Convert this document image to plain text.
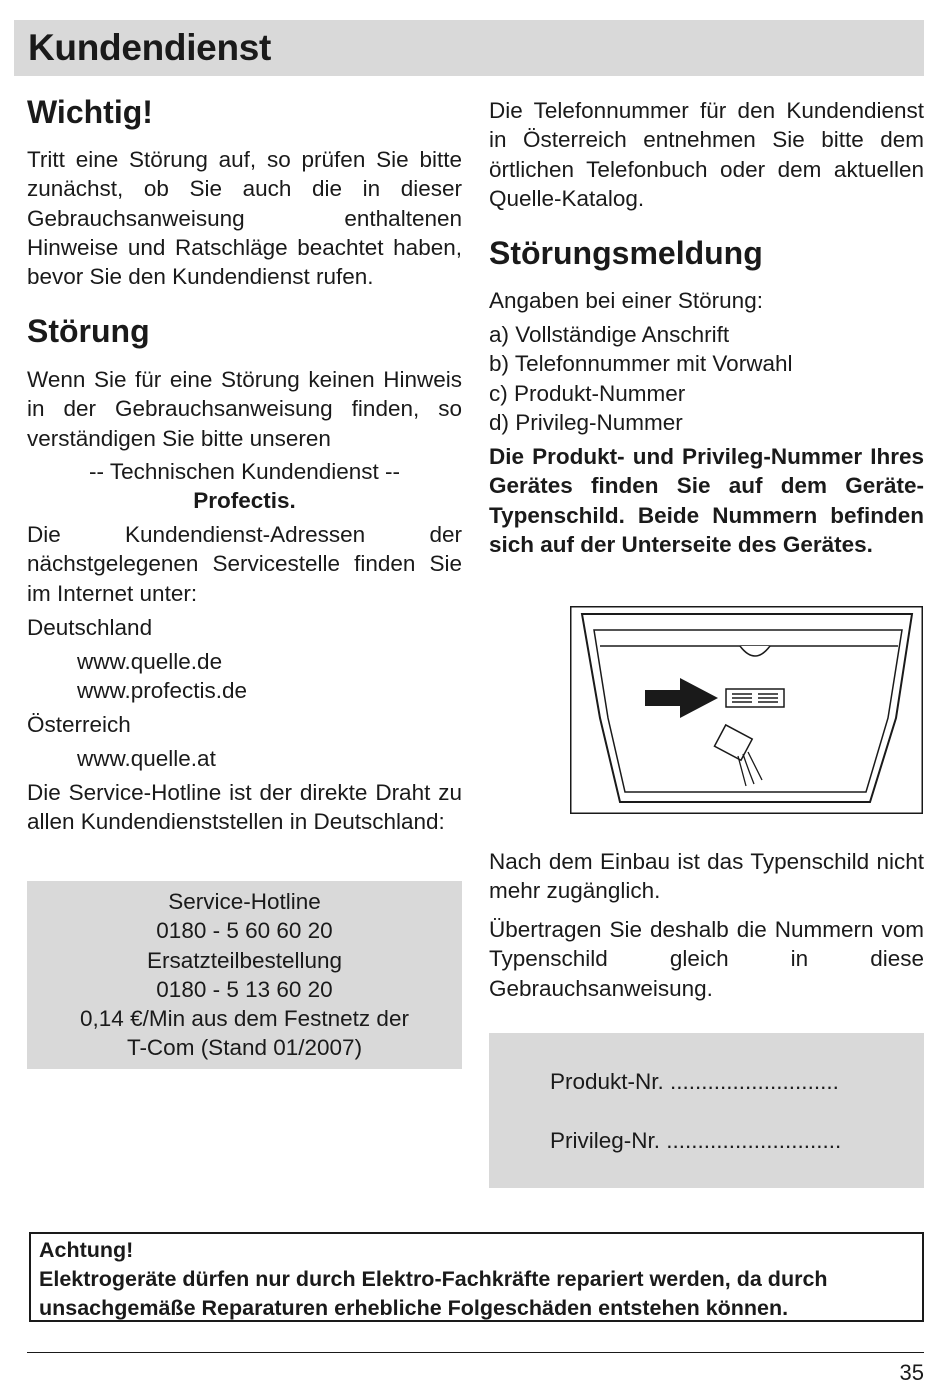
Kundendienst
Wichtig!

Tritt eine Störung auf, so prüfen Sie bitte zunächst, ob Sie auch die in dieser Gebrauchsanweisung enthaltenen Hinweise und Ratschläge beachtet haben, bevor Sie den Kundendienst rufen.

Störung

Wenn Sie für eine Störung keinen Hinweis in der Gebrauchsanweisung finden, so verständigen Sie bitte unseren

-- Technischen Kundendienst --

Profectis.

Die Kundendienst-Adressen der nächstgelegenen Servicestelle finden Sie im Internet unter:

Deutschland

www.quelle.de

www.profectis.de

Österreich

www.quelle.at

Die Service-Hotline ist der direkte Draht zu allen Kundendienststellen in Deutschland:

Service-Hotline
0180 - 5 60 60 20
Ersatzteilbestellung
0180 - 5 13 60 20
0,14 €/Min aus dem Festnetz der
T-Com (Stand 01/2007)

Die Telefonnummer für den Kundendienst in Österreich entnehmen Sie bitte dem örtlichen Telefonbuch oder dem aktuellen Quelle-Katalog.

Störungsmeldung

Angaben bei einer Störung:

a) Vollständige Anschrift
b) Telefonnummer mit Vorwahl
c) Produkt-Nummer
d) Privileg-Nummer

Die Produkt- und Privileg-Nummer Ihres Gerätes finden Sie auf dem Geräte-Typenschild. Beide Nummern befinden sich auf der Unterseite des Gerätes.

Nach dem Einbau ist das Typenschild nicht mehr zugänglich.

Übertragen Sie deshalb die Nummern vom Typenschild gleich in diese Gebrauchsanweisung.

Produkt-Nr. ...........................
Privileg-Nr. ............................
Achtung!
Elektrogeräte dürfen nur durch Elektro-Fachkräfte repariert werden, da durch
unsachgemäße Reparaturen erhebliche Folgeschäden entstehen können.
35
